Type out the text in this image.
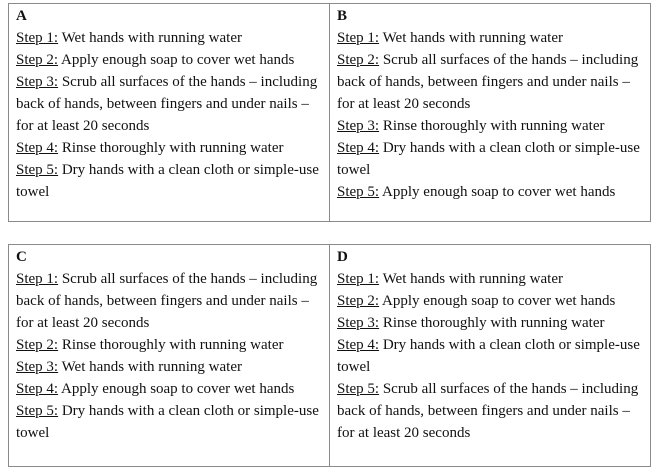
A
Step 1: Wet hands with running water
Step 2: Apply enough soap to cover wet hands
Step 3: Scrub all surfaces of the hands – including back of hands, between fingers and under nails – for at least 20 seconds
Step 4: Rinse thoroughly with running water
Step 5: Dry hands with a clean cloth or simple-use towel
B
Step 1: Wet hands with running water
Step 2: Scrub all surfaces of the hands – including back of hands, between fingers and under nails – for at least 20 seconds
Step 3: Rinse thoroughly with running water
Step 4: Dry hands with a clean cloth or simple-use towel
Step 5: Apply enough soap to cover wet hands
C
Step 1: Scrub all surfaces of the hands – including back of hands, between fingers and under nails – for at least 20 seconds
Step 2: Rinse thoroughly with running water
Step 3: Wet hands with running water
Step 4: Apply enough soap to cover wet hands
Step 5: Dry hands with a clean cloth or simple-use towel
D
Step 1: Wet hands with running water
Step 2: Apply enough soap to cover wet hands
Step 3: Rinse thoroughly with running water
Step 4: Dry hands with a clean cloth or simple-use towel
Step 5: Scrub all surfaces of the hands – including back of hands, between fingers and under nails – for at least 20 seconds
